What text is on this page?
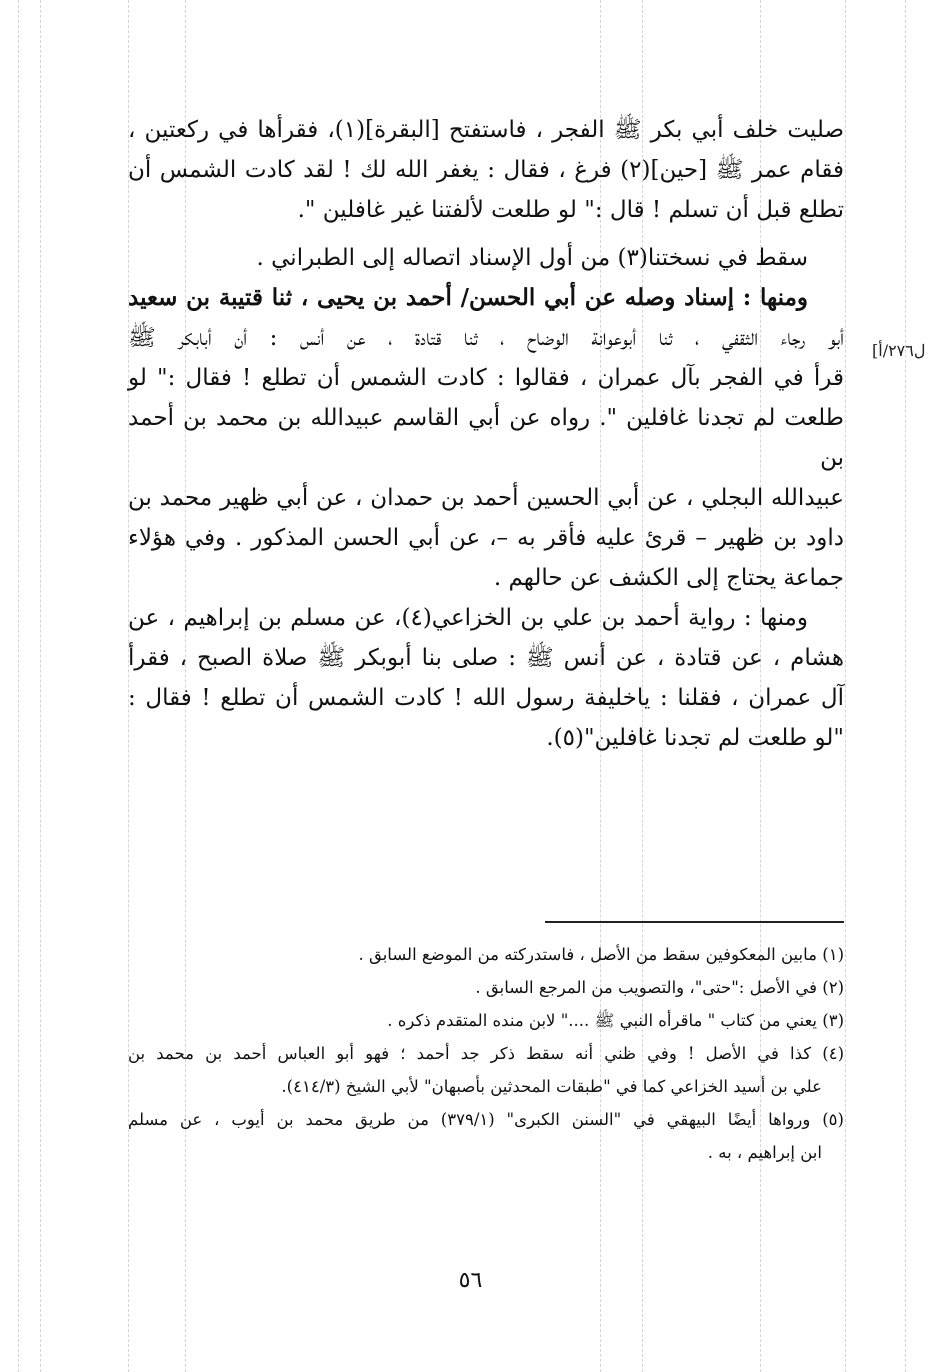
ل٢٧٦/أ]

صليت خلف أبي بكر ﷺ الفجر ، فاستفتح [البقرة](١)، فقرأها في ركعتين ،

فقام عمر ﷺ [حين](٢) فرغ ، فقال : يغفر الله لك ! لقد كادت الشمس أن

تطلع قبل أن تسلم ! قال :" لو طلعت لألفتنا غير غافلين ".

سقط في نسختنا(٣) من أول الإسناد اتصاله إلى الطبراني .

ومنها : إسناد وصله عن أبي الحسن/ أحمد بن يحيى ، ثنا قتيبة بن سعيد

أبو رجاء الثقفي ، ثنا أبوعوانة الوضاح ، ثنا قتادة ، عن أنس : أن أبابكر ﷺ

قرأ في الفجر بآل عمران ، فقالوا : كادت الشمس أن تطلع ! فقال :" لو

طلعت لم تجدنا غافلين ". رواه عن أبي القاسم عبيدالله بن محمد بن أحمد بن

عبيدالله البجلي ، عن أبي الحسين أحمد بن حمدان ، عن أبي ظهير محمد بن

داود بن ظهير – قرئ عليه فأقر به –، عن أبي الحسن المذكور . وفي هؤلاء

جماعة يحتاج إلى الكشف عن حالهم .

ومنها : رواية أحمد بن علي بن الخزاعي(٤)، عن مسلم بن إبراهيم ، عن

هشام ، عن قتادة ، عن أنس ﷺ : صلى بنا أبوبكر ﷺ صلاة الصبح ، فقرأ

آل عمران ، فقلنا : ياخليفة رسول الله ! كادت الشمس أن تطلع ! فقال :

"لو طلعت لم تجدنا غافلين"(٥).

(١) مابين المعكوفين سقط من الأصل ، فاستدركته من الموضع السابق .

(٢) في الأصل :"حتى"، والتصويب من المرجع السابق .

(٣) يعني من كتاب " ماقرأه النبي ﷺ ...." لابن منده المتقدم ذكره .

(٤) كذا في الأصل ! وفي ظني أنه سقط ذكر جد أحمد ؛ فهو أبو العباس أحمد بن محمد بن

علي بن أسيد الخزاعي كما في "طبقات المحدثين بأصبهان" لأبي الشيخ (٤١٤/٣).

(٥) ورواها أيضًا البيهقي في "السنن الكبرى" (٣٧٩/١) من طريق محمد بن أيوب ، عن مسلم

ابن إبراهيم ، به .

٥٦
